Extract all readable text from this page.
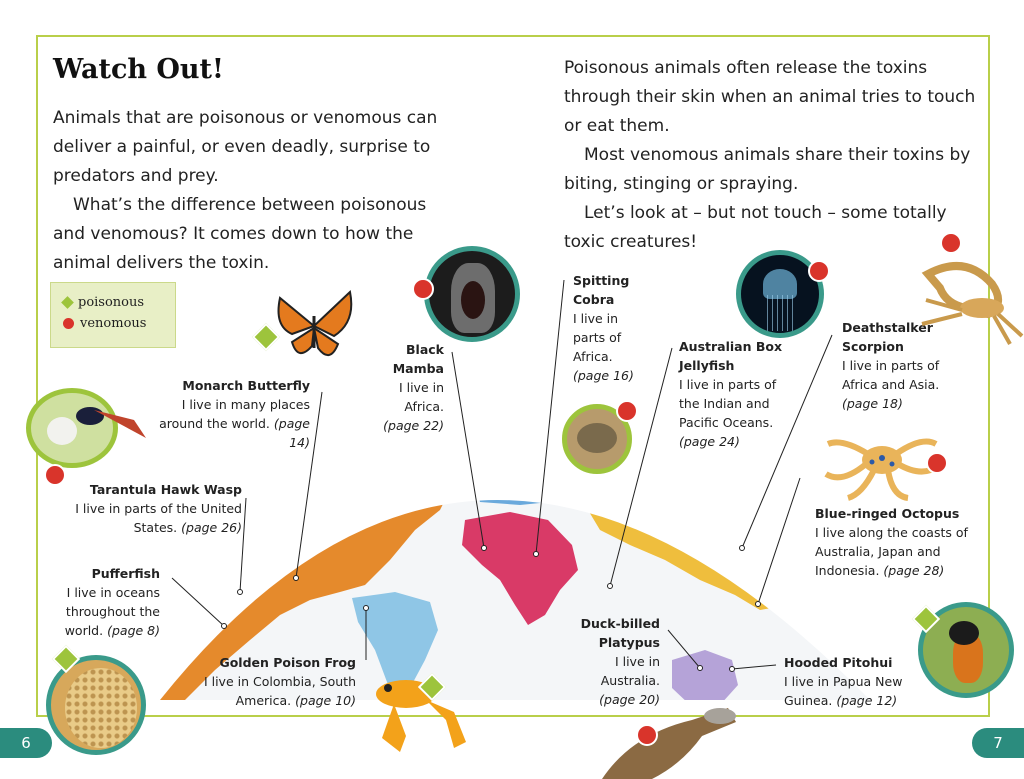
Watch Out!

Animals that are poisonous or venomous can deliver a painful, or even deadly, surprise to predators and prey.

What’s the difference between poisonous and venomous? It comes down to how the animal delivers the toxin.

Poisonous animals often release the toxins through their skin when an animal tries to touch or eat them.

Most venomous animals share their toxins by biting, stinging or spraying.

Let’s look at – but not touch – some totally toxic creatures!

poisonous
venomous
Monarch Butterfly
I live in many places around the world. (page 14)
Tarantula Hawk Wasp
I live in parts of the United States. (page 26)
Pufferfish
I live in oceans throughout the world. (page 8)
Golden Poison Frog
I live in Colombia, South America. (page 10)
Black Mamba
I live in Africa. (page 22)
Spitting Cobra
I live in parts of Africa. (page 16)
Australian Box Jellyfish
I live in parts of the Indian and Pacific Oceans. (page 24)
Deathstalker Scorpion
I live in parts of Africa and Asia. (page 18)
Blue-ringed Octopus
I live along the coasts of Australia, Japan and Indonesia. (page 28)
Duck-billed Platypus
I live in Australia. (page 20)
Hooded Pitohui
I live in Papua New Guinea. (page 12)
6	7
